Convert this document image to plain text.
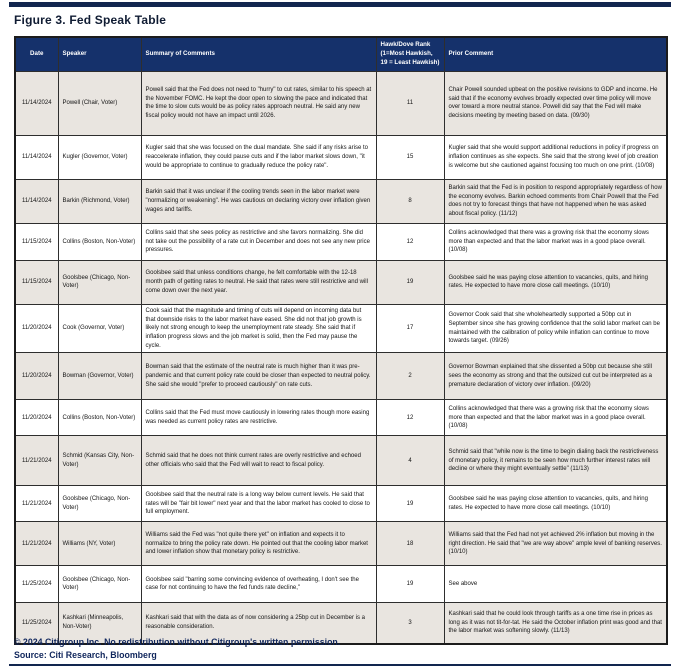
Figure 3. Fed Speak Table
Date	Speaker	Summary of Comments	Hawk/Dove Rank (1=Most Hawkish, 19 = Least Hawkish)	Prior Comment
11/14/2024	Powell (Chair, Voter)	Powell said that the Fed does not need to "hurry" to cut rates, similar to his speech at the November FOMC. He kept the door open to slowing the pace and indicated that the time to slow cuts would be as policy rates approach neutral. He said any new fiscal policy would not have an impact until 2026.	11	Chair Powell sounded upbeat on the positive revisions to GDP and income. He said that if the economy evolves broadly expected over time policy will move over toward a more neutral stance. Powell did say that the Fed will make decisions meeting by meeting based on data. (09/30)
11/14/2024	Kugler (Governor, Voter)	Kugler said that she was focused on the dual mandate. She said if any risks arise to reaccelerate inflation, they could pause cuts and if the labor market slows down, "it would be appropriate to continue to gradually reduce the policy rate".	15	Kugler said that she would support additional reductions in policy if progress on inflation continues as she expects. She said that the strong level of job creation is welcome but she cautioned against focusing too much on one print. (10/08)
11/14/2024	Barkin (Richmond, Voter)	Barkin said that it was unclear if the cooling trends seen in the labor market were "normalizing or weakening". He was cautious on declaring victory over inflation given wages and tariffs.	8	Barkin said that the Fed is in position to respond appropriately regardless of how the economy evolves. Barkin echoed comments from Chair Powell that the Fed does not try to forecast things that have not happened when he was asked about fiscal policy. (11/12)
11/15/2024	Collins (Boston, Non-Voter)	Collins said that she sees policy as restrictive and she favors normalizing. She did not take out the possibility of a rate cut in December and does not see any new price pressures.	12	Collins acknowledged that there was a growing risk that the economy slows more than expected and that the labor market was in a good place overall. (10/08)
11/15/2024	Goolsbee (Chicago, Non-Voter)	Goolsbee said that unless conditions change, he felt comfortable with the 12-18 month path of getting rates to neutral. He said that rates were still restrictive and will come down over the next year.	19	Goolsbee said he was paying close attention to vacancies, quits, and hiring rates. He expected to have more close call meetings. (10/10)
11/20/2024	Cook (Governor, Voter)	Cook said that the magnitude and timing of cuts will depend on incoming data but that downside risks to the labor market have eased. She did not that job growth is likely not strong enough to keep the unemployment rate steady. She said that if inflation progress slows and the job market is solid, then the Fed may pause the cycle.	17	Governor Cook said that she wholeheartedly supported a 50bp cut in September since she has growing confidence that the solid labor market can be maintained with the calibration of policy while inflation can continue to move towards target. (09/26)
11/20/2024	Bowman (Governor, Voter)	Bowman said that the estimate of the neutral rate is much higher than it was pre-pandemic and that current policy rate could be closer than expected to neutral policy. She said she would "prefer to proceed cautiously" on rate cuts.	2	Governor Bowman explained that she dissented a 50bp cut because she still sees the economy as strong and that the outsized cut cut be interpreted as a premature declaration of victory over inflation. (09/20)
11/20/2024	Collins (Boston, Non-Voter)	Collins said that the Fed must move cautiously in lowering rates though more easing was needed as current policy rates are restrictive.	12	Collins acknowledged that there was a growing risk that the economy slows more than expected and that the labor market was in a good place overall. (10/08)
11/21/2024	Schmid (Kansas City, Non-Voter)	Schmid said that he does not think current rates are overly restrictive and echoed other officials who said that the Fed will wait to react to fiscal policy.	4	Schmid said that "while now is the time to begin dialing back the restrictiveness of monetary policy, it remains to be seen how much further interest rates will decline or where they might eventually settle" (11/13)
11/21/2024	Goolsbee (Chicago, Non-Voter)	Goolsbee said that the neutral rate is a long way below current levels. He said that rates will be "fair bit lower" next year and that the labor market has cooled to close to full employment.	19	Goolsbee said he was paying close attention to vacancies, quits, and hiring rates. He expected to have more close call meetings. (10/10)
11/21/2024	Williams (NY, Voter)	Williams said the Fed was "not quite there yet" on inflation and expects it to normalize to bring the policy rate down. He pointed out that the cooling labor market and lower inflation show that monetary policy is restrictive.	18	Williams said that the Fed had not yet achieved 2% inflation but moving in the right direction. He said that "we are way above" ample level of banking reserves. (10/10)
11/25/2024	Goolsbee (Chicago, Non-Voter)	Goolsbee said "barring some convincing evidence of overheating, I don't see the case for not continuing to have the fed funds rate decline,"	19	See above
11/25/2024	Kashkari (Minneapolis, Non-Voter)	Kashkari said that with the data as of now considering a 25bp cut in December is a reasonable consideration.	3	Kashkari said that he could look through tariffs as a one time rise in prices as long as it was not tit-for-tat. He said the October inflation print was good and that the labor market was softening slowly. (11/13)
© 2024 Citigroup Inc. No redistribution without Citigroup's written permission.
Source: Citi Research, Bloomberg
